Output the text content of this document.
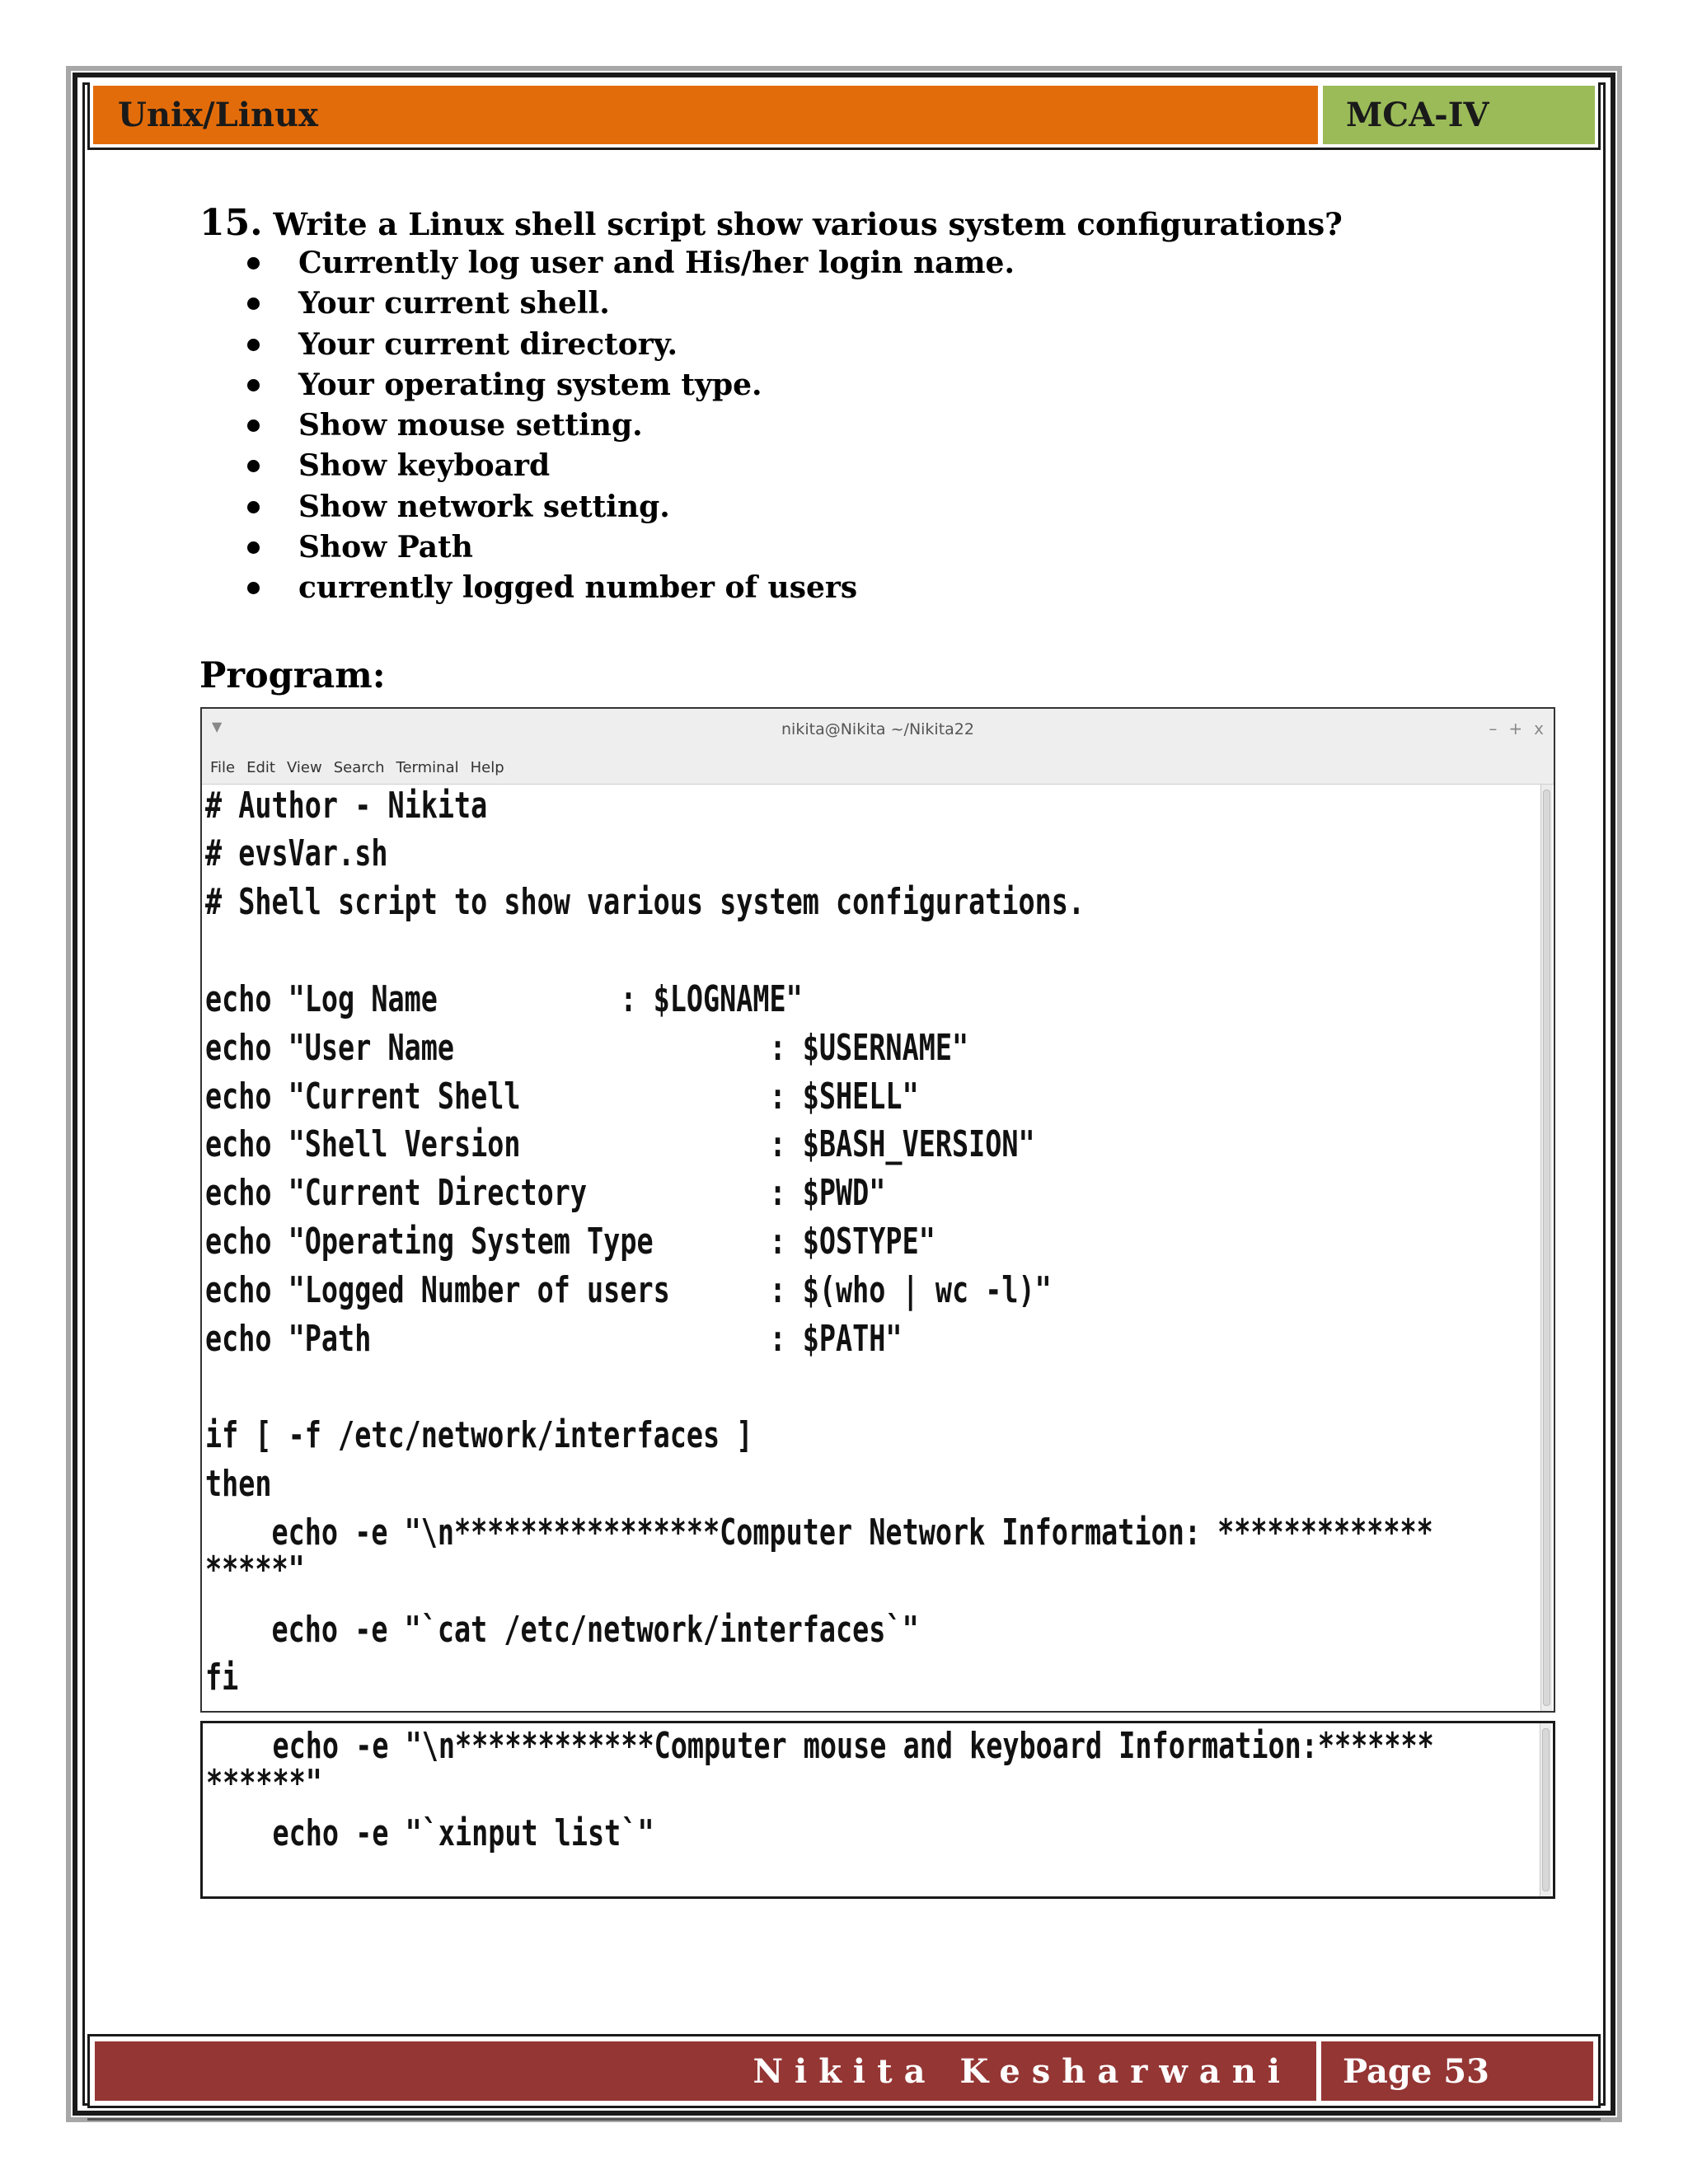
Unix/Linux	MCA-IV
15. Write a Linux shell script show various system configurations?
Currently log user and His/her login name.
Your current shell.
Your current directory.
Your operating system type.
Show mouse setting.
Show keyboard
Show network setting.
Show Path
currently logged number of users
Program:
▼	nikita@Nikita ~/Nikita22	– + x
File Edit View Search Terminal Help
# Author - Nikita
# evsVar.sh
# Shell script to show various system configurations.
echo "Log Name           : $LOGNAME"
echo "User Name                   : $USERNAME"
echo "Current Shell               : $SHELL"
echo "Shell Version               : $BASH_VERSION"
echo "Current Directory           : $PWD"
echo "Operating System Type       : $OSTYPE"
echo "Logged Number of users      : $(who | wc -l)"
echo "Path                        : $PATH"
if [ -f /etc/network/interfaces ]
then
echo -e "\n****************Computer Network Information: *************
*****"
echo -e "`cat /etc/network/interfaces`"
fi
echo -e "\n************Computer mouse and keyboard Information:*******
******"
echo -e "`xinput list`"
Nikita Kesharwani Page 53
